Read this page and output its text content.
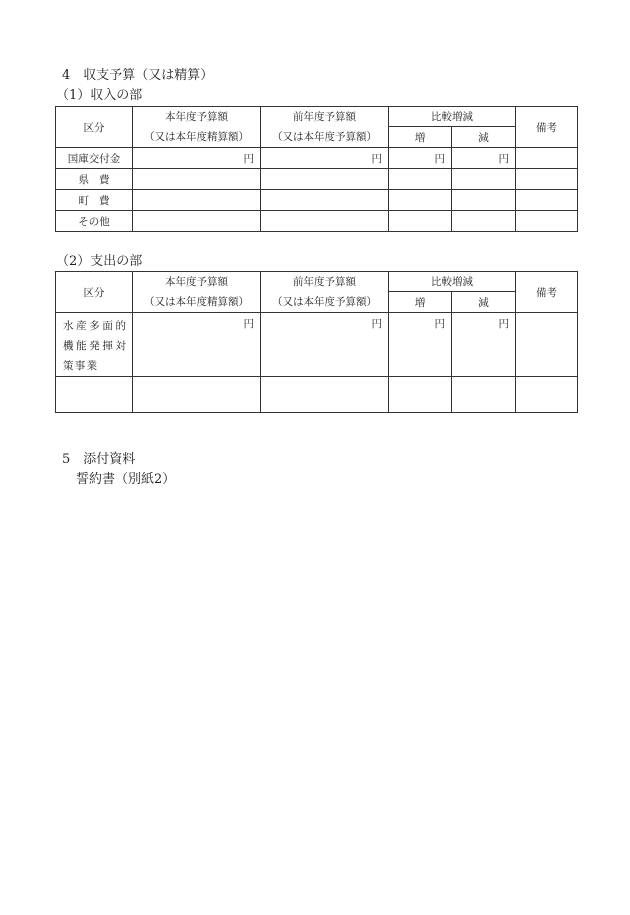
4　収支予算（又は精算）
（1）収入の部
区分	本年度予算額	前年度予算額	比較増減		備考
	（又は本年度精算額）	（又は本年度予算額）	増	減	
国庫交付金	円	円	円	円	
県費					
町費					
その他					
（2）支出の部
区分	本年度予算額	前年度予算額	比較増減		備考
	（又は本年度精算額）	（又は本年度予算額）	増	減	

水産多面的
機能発揮対
策事業	円	円	円	円	

5　添付資料
誓約書（別紙2）
